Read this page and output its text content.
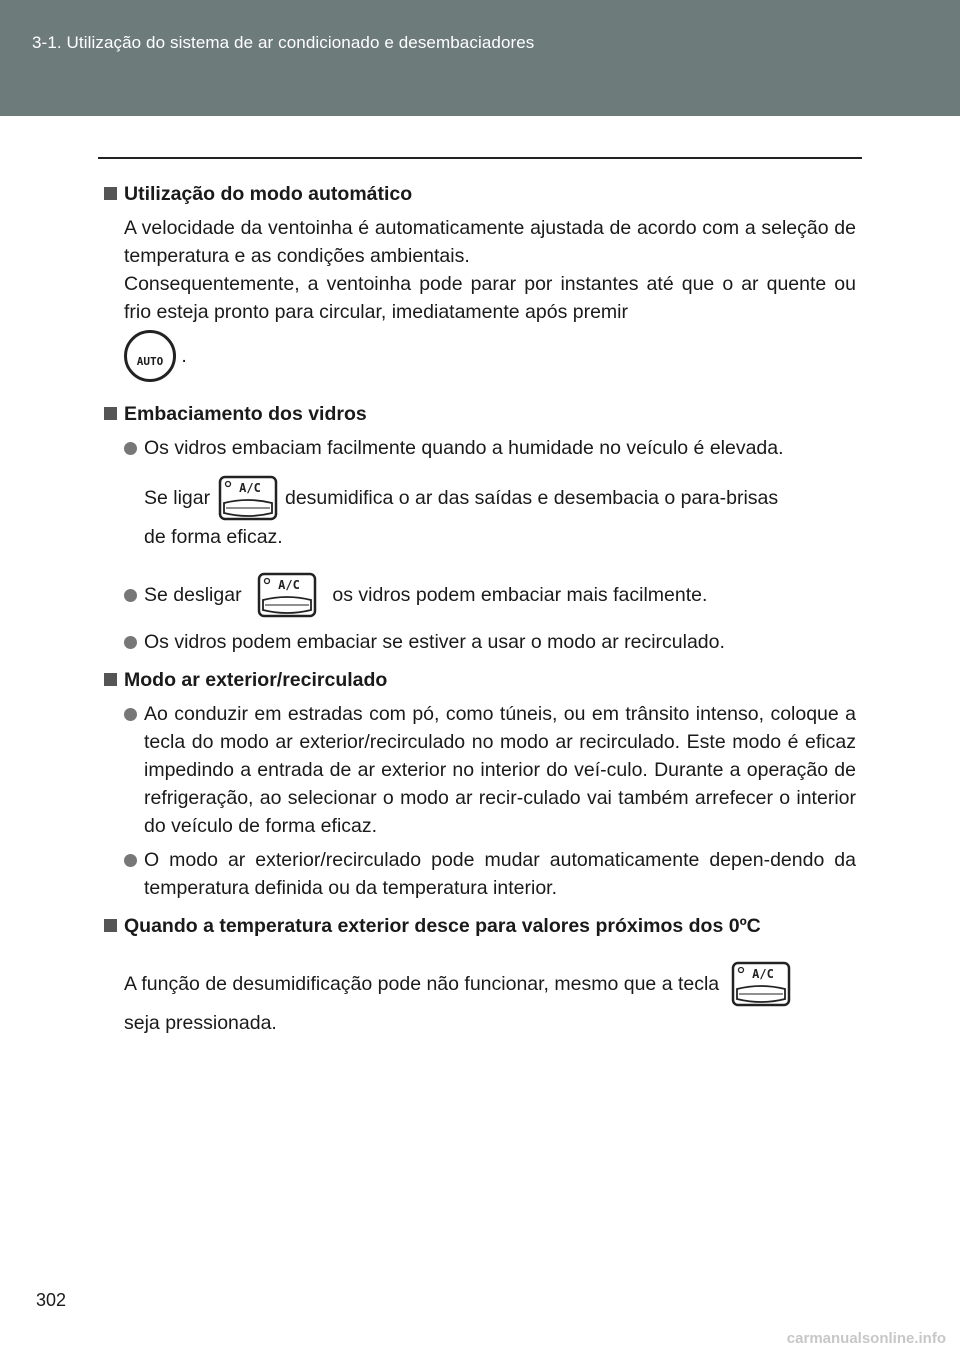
3-1. Utilização do sistema de ar condicionado e desembaciadores
Utilização do modo automático
A velocidade da ventoinha é automaticamente ajustada de acordo com a seleção de temperatura e as condições ambientais.
Consequentemente, a ventoinha pode parar por instantes até que o ar quente ou frio esteja pronto para circular, imediatamente após premir
AUTO .
Embaciamento dos vidros
Os vidros embaciam facilmente quando a humidade no veículo é elevada.
Se ligar A/C desumidifica o ar das saídas e desembacia o para-brisas
de forma eficaz.
Se desligar	A/C os vidros podem embaciar mais facilmente.
Os vidros podem embaciar se estiver a usar o modo ar recirculado.
Modo ar exterior/recirculado
Ao conduzir em estradas com pó, como túneis, ou em trânsito intenso, coloque a tecla do modo ar exterior/recirculado no modo ar recirculado. Este modo é eficaz impedindo a entrada de ar exterior no interior do veí-culo. Durante a operação de refrigeração, ao selecionar o modo ar recir-culado vai também arrefecer o interior do veículo de forma eficaz.
O modo ar exterior/recirculado pode mudar automaticamente depen-dendo da temperatura definida ou da temperatura interior.
Quando a temperatura exterior desce para valores próximos dos 0ºC
A função de desumidificação pode não funcionar, mesmo que a tecla	A/C
seja pressionada.
302
carmanualsonline.info
